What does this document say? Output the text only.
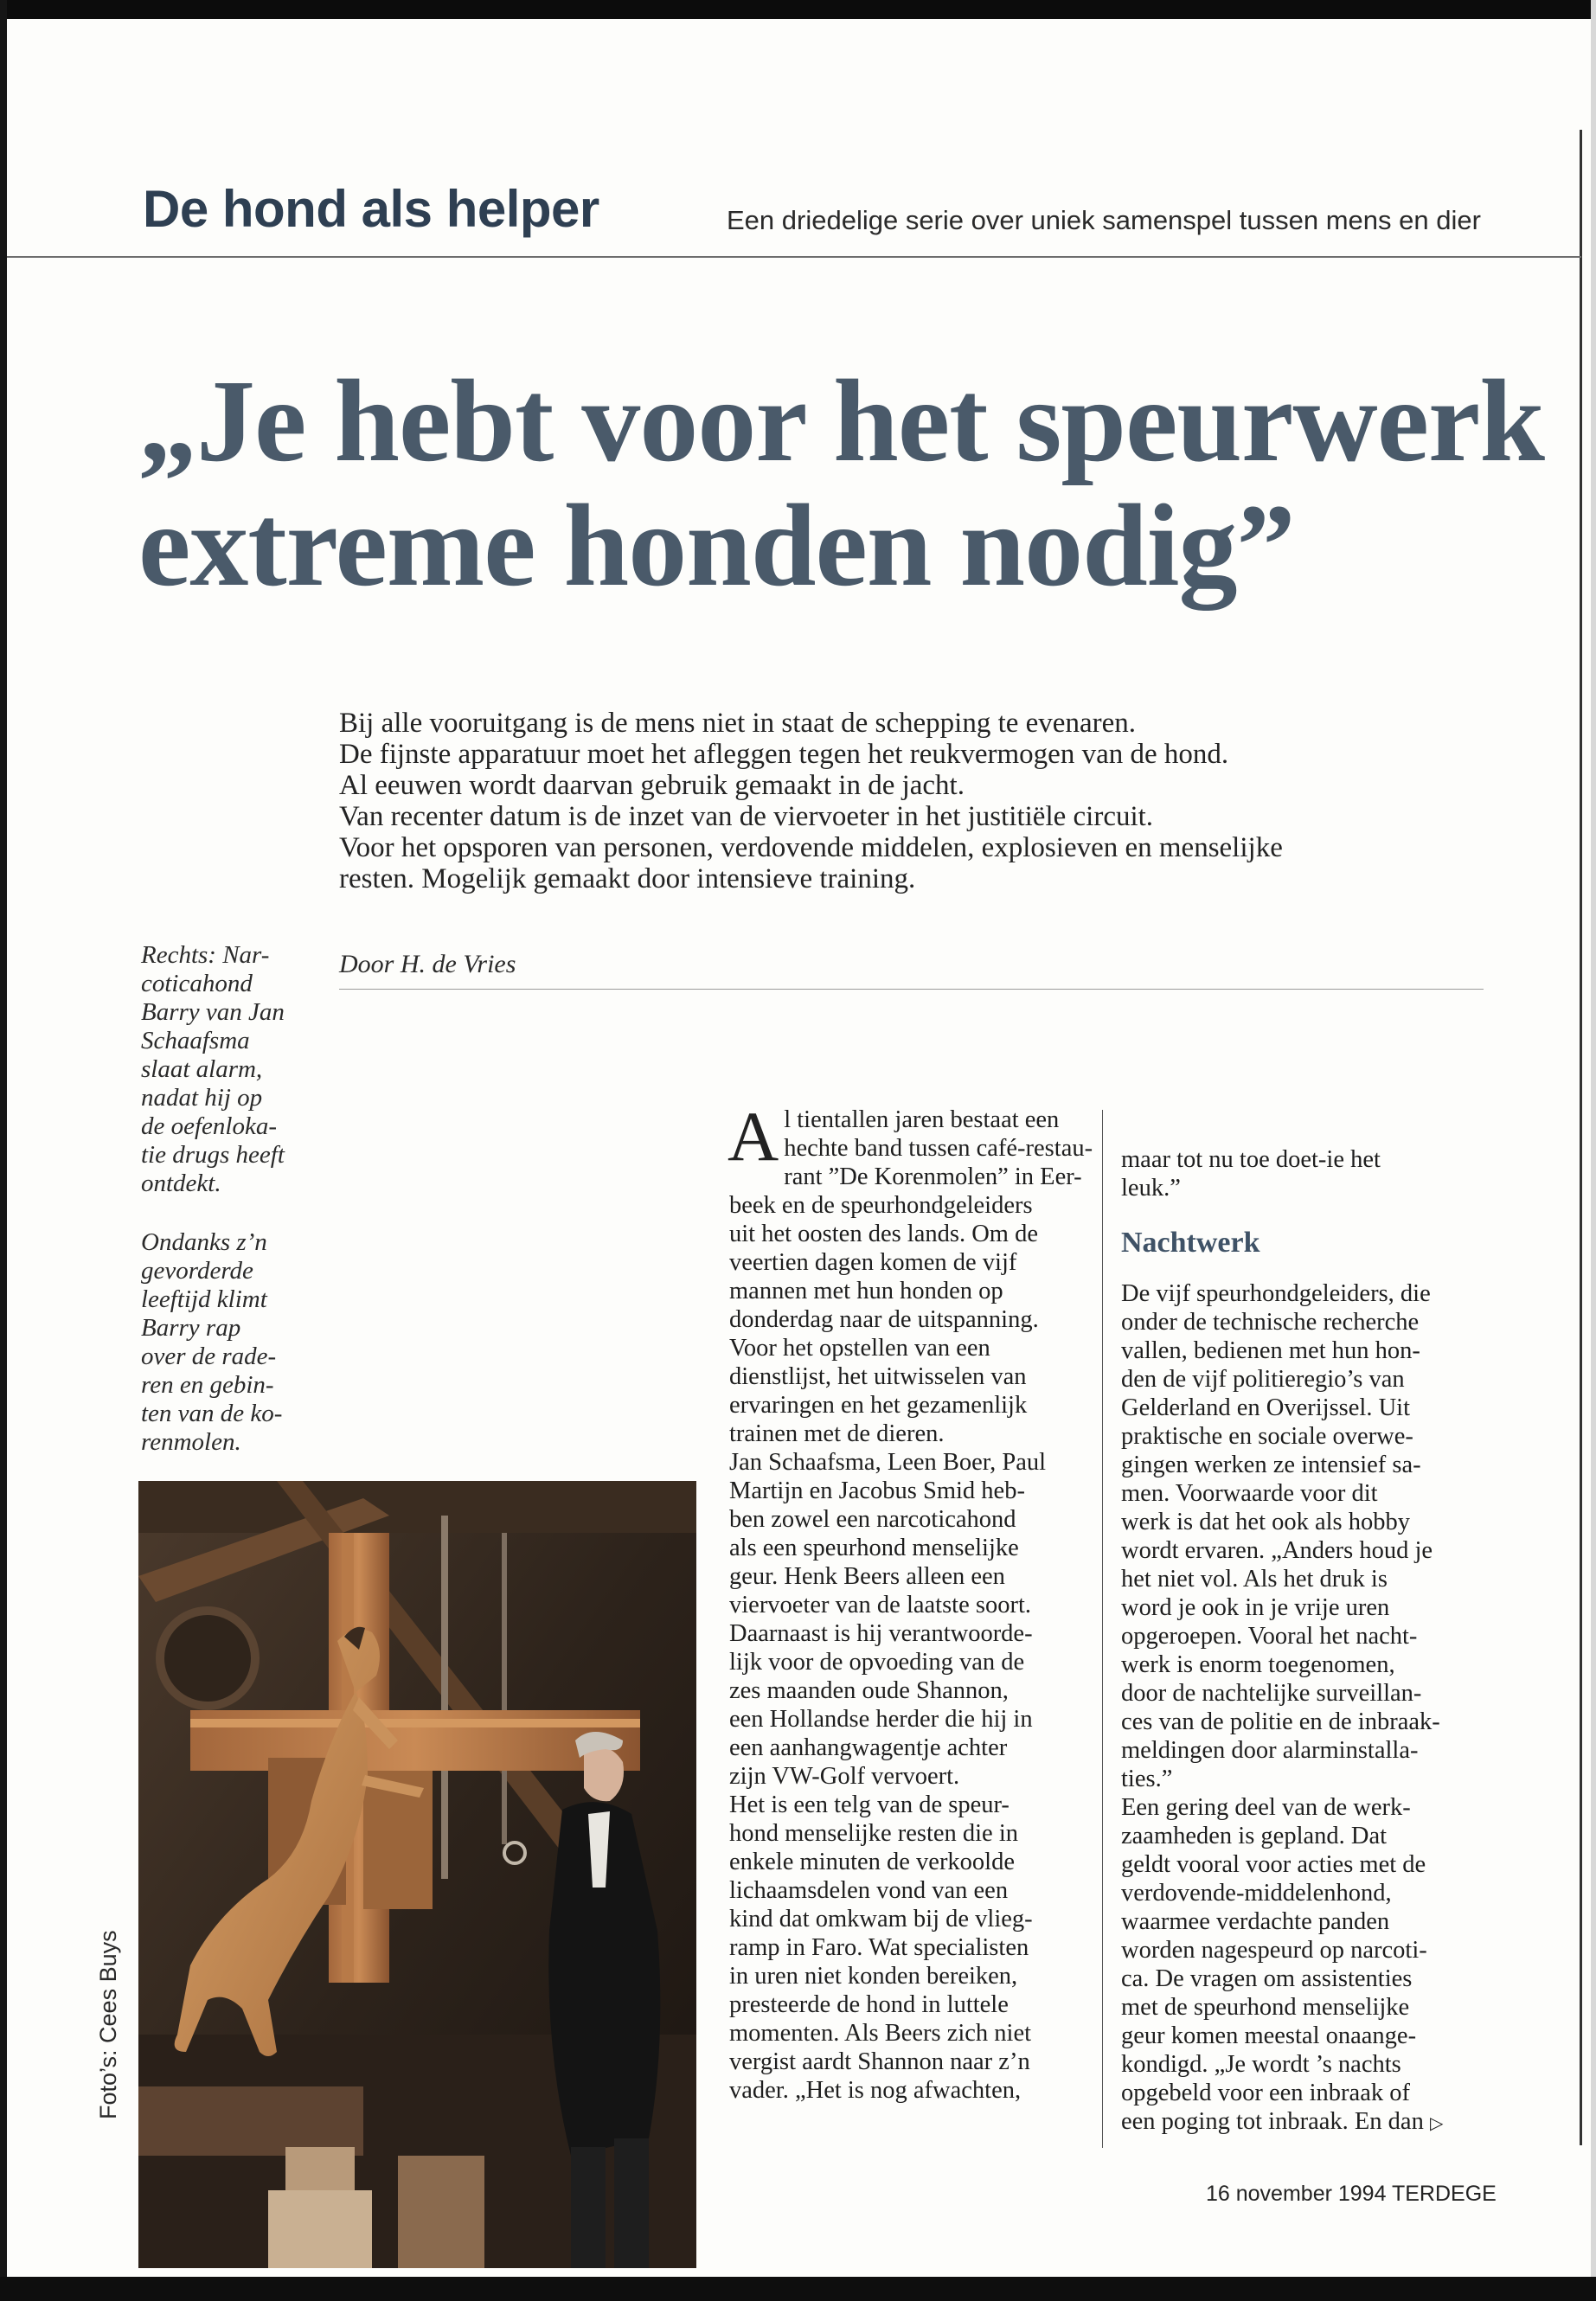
De hond als helper	Een driedelige serie over uniek samenspel tussen mens en dier
„Je hebt voor het speurwerk
extreme honden nodig”
Bij alle vooruitgang is de mens niet in staat de schepping te evenaren.
De fijnste apparatuur moet het afleggen tegen het reukvermogen van de hond.
Al eeuwen wordt daarvan gebruik gemaakt in de jacht.
Van recenter datum is de inzet van de viervoeter in het justitiële circuit.
Voor het opsporen van personen, verdovende middelen, explosieven en menselijke
resten. Mogelijk gemaakt door intensieve training.
Door H. de Vries
Rechts: Nar-
coticahond
Barry van Jan
Schaafsma
slaat alarm,
nadat hij op
de oefenloka-
tie drugs heeft
ontdekt.
Ondanks z’n
gevorderde
leeftijd klimt
Barry rap
over de rade-
ren en gebin-
ten van de ko-
renmolen.
Foto’s: Cees Buys
A l tientallen jaren bestaat een
hechte band tussen café-restau-
rant ”De Korenmolen” in Eer-
beek en de speurhondgeleiders
uit het oosten des lands. Om de
veertien dagen komen de vijf
mannen met hun honden op
donderdag naar de uitspanning.
Voor het opstellen van een
dienstlijst, het uitwisselen van
ervaringen en het gezamenlijk
trainen met de dieren.
Jan Schaafsma, Leen Boer, Paul
Martijn en Jacobus Smid heb-
ben zowel een narcoticahond
als een speurhond menselijke
geur. Henk Beers alleen een
viervoeter van de laatste soort.
Daarnaast is hij verantwoorde-
lijk voor de opvoeding van de
zes maanden oude Shannon,
een Hollandse herder die hij in
een aanhangwagentje achter
zijn VW-Golf vervoert.
Het is een telg van de speur-
hond menselijke resten die in
enkele minuten de verkoolde
lichaamsdelen vond van een
kind dat omkwam bij de vlieg-
ramp in Faro. Wat specialisten
in uren niet konden bereiken,
presteerde de hond in luttele
momenten. Als Beers zich niet
vergist aardt Shannon naar z’n
vader. „Het is nog afwachten,
maar tot nu toe doet-ie het
leuk.”
Nachtwerk
De vijf speurhondgeleiders, die
onder de technische recherche
vallen, bedienen met hun hon-
den de vijf politieregio’s van
Gelderland en Overijssel. Uit
praktische en sociale overwe-
gingen werken ze intensief sa-
men. Voorwaarde voor dit
werk is dat het ook als hobby
wordt ervaren. „Anders houd je
het niet vol. Als het druk is
word je ook in je vrije uren
opgeroepen. Vooral het nacht-
werk is enorm toegenomen,
door de nachtelijke surveillan-
ces van de politie en de inbraak-
meldingen door alarminstalla-
ties.”
Een gering deel van de werk-
zaamheden is gepland. Dat
geldt vooral voor acties met de
verdovende-middelenhond,
waarmee verdachte panden
worden nagespeurd op narcoti-
ca. De vragen om assistenties
met de speurhond menselijke
geur komen meestal onaange-
kondigd. „Je wordt ’s nachts
opgebeld voor een inbraak of
een poging tot inbraak. En dan ▷
16 november 1994 TERDEGE
